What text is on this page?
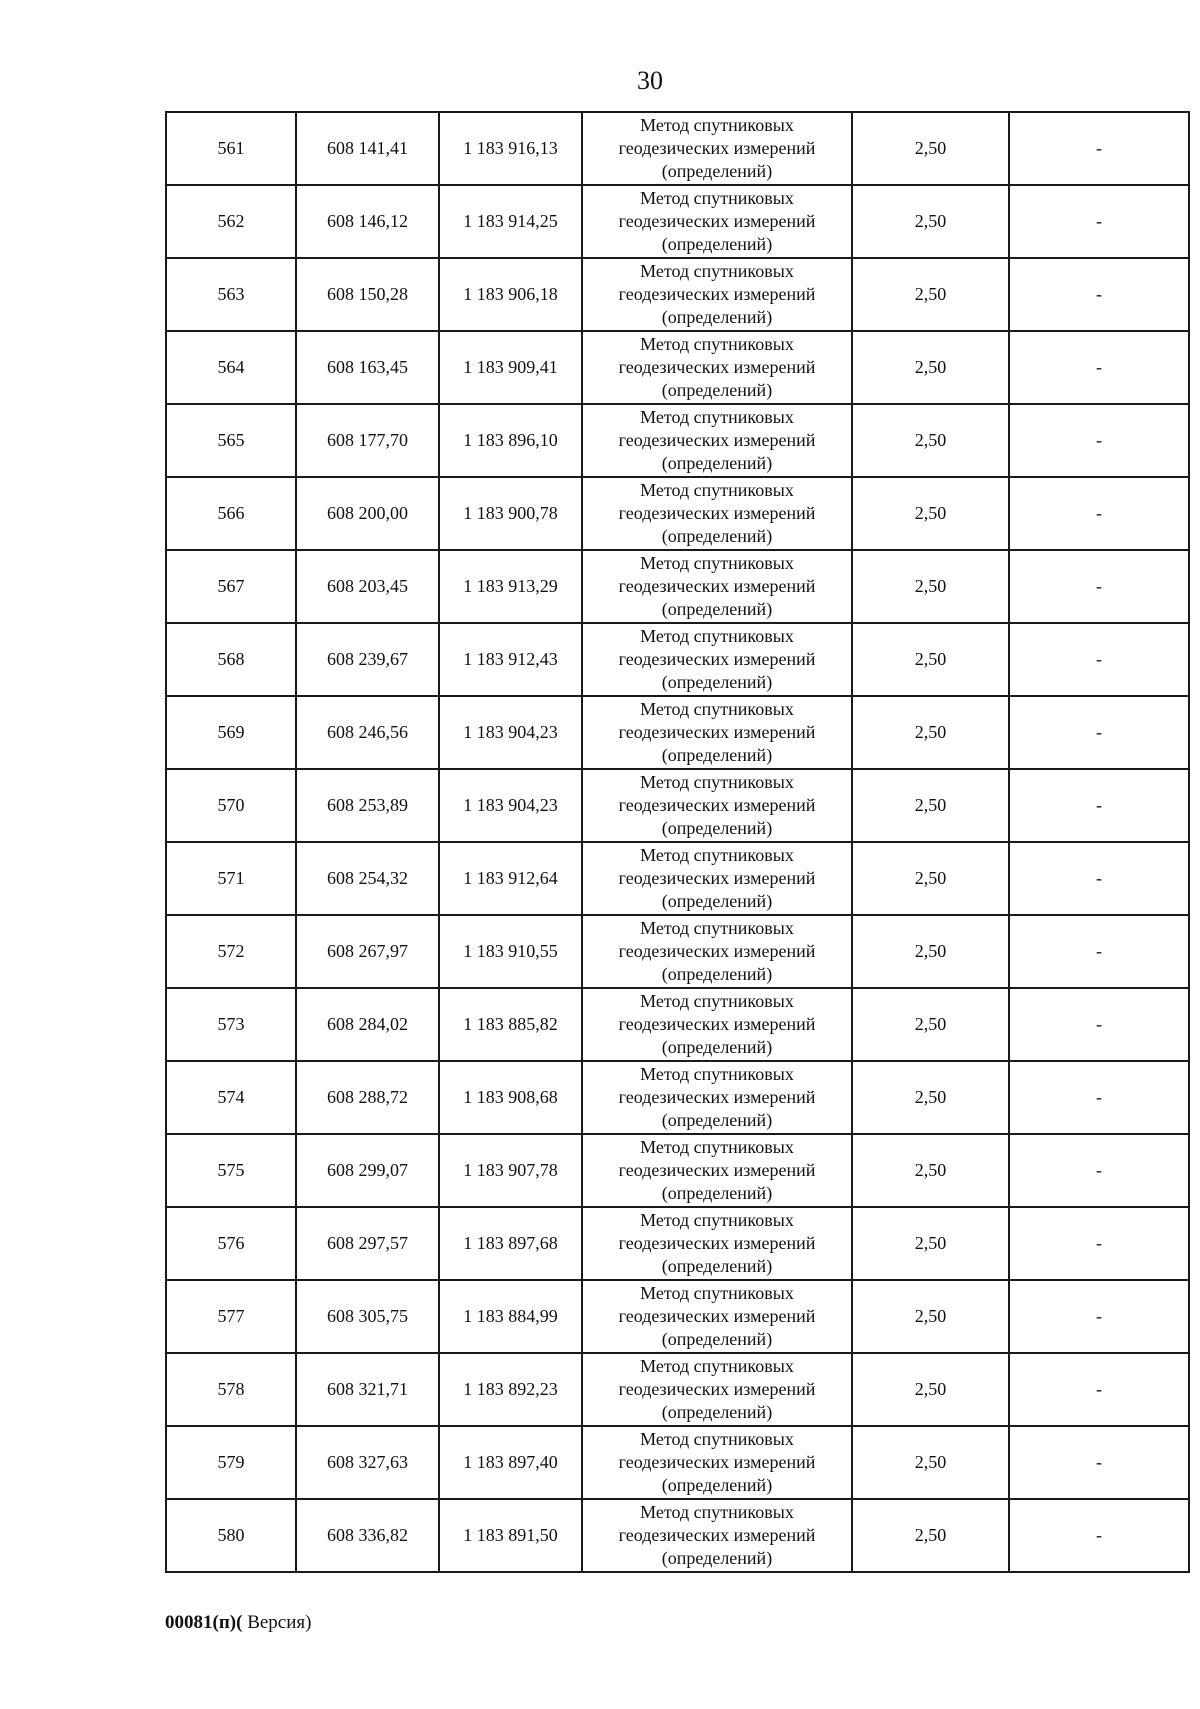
30
561	608 141,41	1 183 916,13	Метод спутниковых
геодезических измерений
(определений)	2,50	-
562	608 146,12	1 183 914,25	Метод спутниковых
геодезических измерений
(определений)	2,50	-
563	608 150,28	1 183 906,18	Метод спутниковых
геодезических измерений
(определений)	2,50	-
564	608 163,45	1 183 909,41	Метод спутниковых
геодезических измерений
(определений)	2,50	-
565	608 177,70	1 183 896,10	Метод спутниковых
геодезических измерений
(определений)	2,50	-
566	608 200,00	1 183 900,78	Метод спутниковых
геодезических измерений
(определений)	2,50	-
567	608 203,45	1 183 913,29	Метод спутниковых
геодезических измерений
(определений)	2,50	-
568	608 239,67	1 183 912,43	Метод спутниковых
геодезических измерений
(определений)	2,50	-
569	608 246,56	1 183 904,23	Метод спутниковых
геодезических измерений
(определений)	2,50	-
570	608 253,89	1 183 904,23	Метод спутниковых
геодезических измерений
(определений)	2,50	-
571	608 254,32	1 183 912,64	Метод спутниковых
геодезических измерений
(определений)	2,50	-
572	608 267,97	1 183 910,55	Метод спутниковых
геодезических измерений
(определений)	2,50	-
573	608 284,02	1 183 885,82	Метод спутниковых
геодезических измерений
(определений)	2,50	-
574	608 288,72	1 183 908,68	Метод спутниковых
геодезических измерений
(определений)	2,50	-
575	608 299,07	1 183 907,78	Метод спутниковых
геодезических измерений
(определений)	2,50	-
576	608 297,57	1 183 897,68	Метод спутниковых
геодезических измерений
(определений)	2,50	-
577	608 305,75	1 183 884,99	Метод спутниковых
геодезических измерений
(определений)	2,50	-
578	608 321,71	1 183 892,23	Метод спутниковых
геодезических измерений
(определений)	2,50	-
579	608 327,63	1 183 897,40	Метод спутниковых
геодезических измерений
(определений)	2,50	-
580	608 336,82	1 183 891,50	Метод спутниковых
геодезических измерений
(определений)	2,50	-
00081(п)( Версия)
